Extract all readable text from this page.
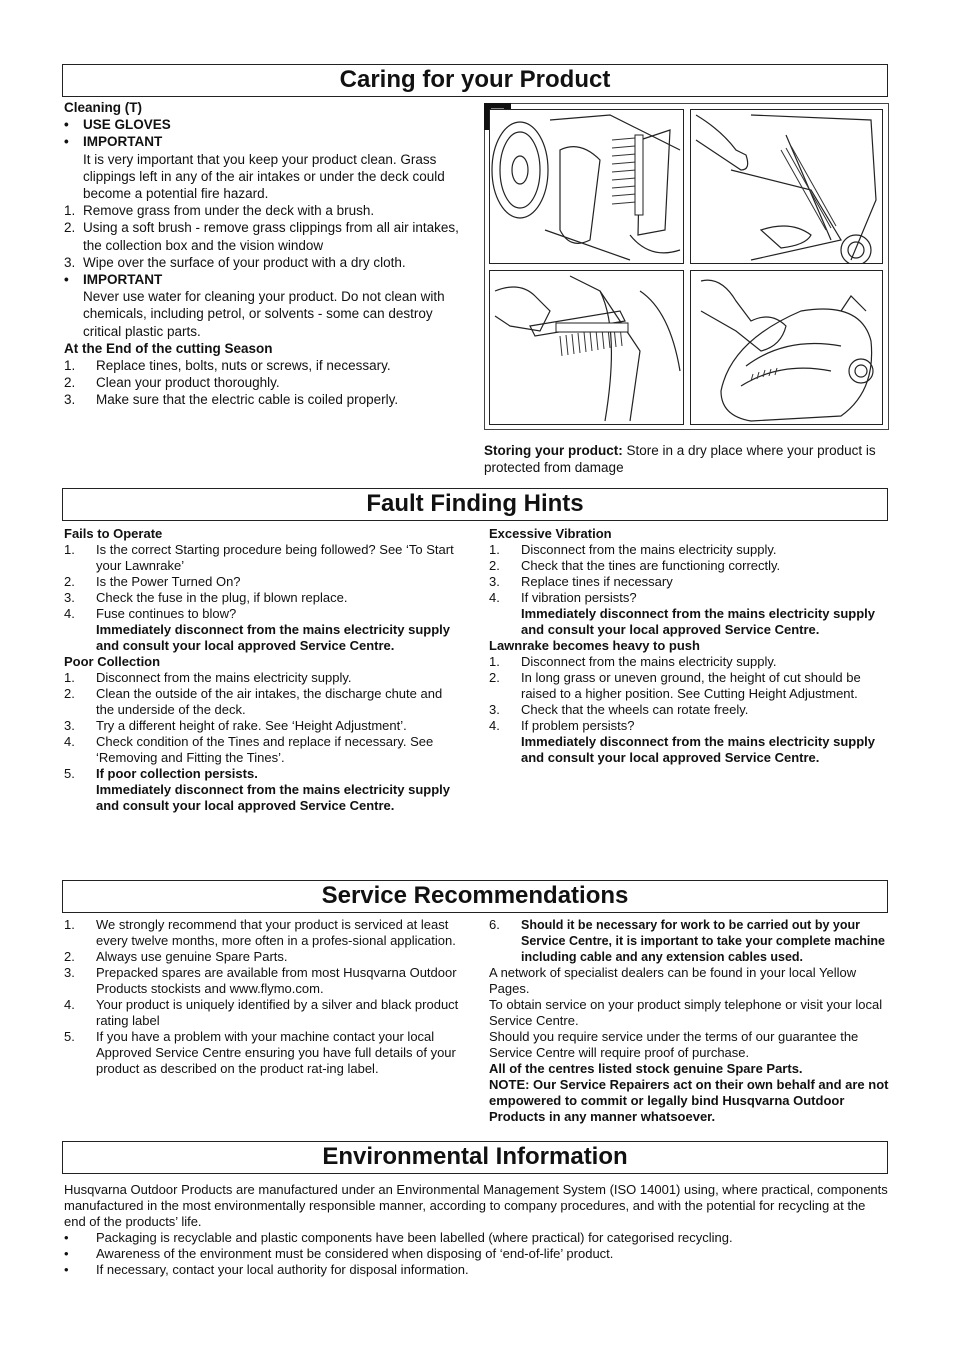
Caring for your Product
Cleaning (T)
• USE GLOVES
• IMPORTANT
It is very important that you keep your product clean. Grass clippings left in any of the air intakes or under the deck could become a potential fire hazard.
1. Remove grass from under the deck with a brush.
2. Using a soft brush - remove grass clippings from all air intakes, the collection box and the vision window
3. Wipe over the surface of your product with a dry cloth.
• IMPORTANT
Never use water for cleaning your product. Do not clean with chemicals, including petrol, or solvents - some can destroy critical plastic parts.
At the End of the cutting Season
1. Replace tines, bolts, nuts or screws, if necessary.
2. Clean your product thoroughly.
3. Make sure that the electric cable is coiled properly.
Storing your product: Store in a dry place where your product is protected from damage
Fault Finding Hints
Fails to Operate
1. Is the correct Starting procedure being followed? See ‘To Start your Lawnrake’
2. Is the Power Turned On?
3. Check the fuse in the plug, if blown replace.
4. Fuse continues to blow?
Immediately disconnect from the mains electricity supply and consult your local approved Service Centre.
Poor Collection
1. Disconnect from the mains electricity supply.
2. Clean the outside of the air intakes, the discharge chute and the underside of the deck.
3. Try a different height of rake. See ‘Height Adjustment’.
4. Check condition of the Tines and replace if necessary. See ‘Removing and Fitting the Tines’.
5. If poor collection persists.
Immediately disconnect from the mains electricity supply and consult your local approved Service Centre.
Excessive Vibration
1. Disconnect from the mains electricity supply.
2. Check that the tines are functioning correctly.
3. Replace tines if necessary
4. If vibration persists?
Immediately disconnect from the mains electricity supply and consult your local approved Service Centre.
Lawnrake becomes heavy to push
1. Disconnect from the mains electricity supply.
2. In long grass or uneven ground, the height of cut should be raised to a higher position. See Cutting Height Adjustment.
3. Check that the wheels can rotate freely.
4. If problem persists?
Immediately disconnect from the mains electricity supply and consult your local approved Service Centre.
Service Recommendations
1. We strongly recommend that your product is serviced at least every twelve months, more often in a profes-sional application.
2. Always use genuine Spare Parts.
3. Prepacked spares are available from most Husqvarna Outdoor Products stockists and www.flymo.com.
4. Your product is uniquely identified by a silver and black product rating label
5. If you have a problem with your machine contact your local Approved Service Centre ensuring you have full details of your product as described on the product rat-ing label.
6. Should it be necessary for work to be carried out by your Service Centre, it is important to take your complete machine including cable and any extension cables used.
A network of specialist dealers can be found in your local Yellow Pages.
To obtain service on your product simply telephone or visit your local Service Centre.
Should you require service under the terms of our guarantee the Service Centre will require proof of purchase.
All of the centres listed stock genuine Spare Parts.
NOTE: Our Service Repairers act on their own behalf and are not empowered to commit or legally bind Husqvarna Outdoor Products in any manner whatsoever.
Environmental Information
Husqvarna Outdoor Products are manufactured under an Environmental Management System (ISO 14001) using, where practical, components manufactured in the most environmentally responsible manner, according to company procedures, and with the potential for recycling at the end of the products’ life.
• Packaging is recyclable and plastic components have been labelled (where practical) for categorised recycling.
• Awareness of the environment must be considered when disposing of ‘end-of-life’ product.
• If necessary, contact your local authority for disposal information.
